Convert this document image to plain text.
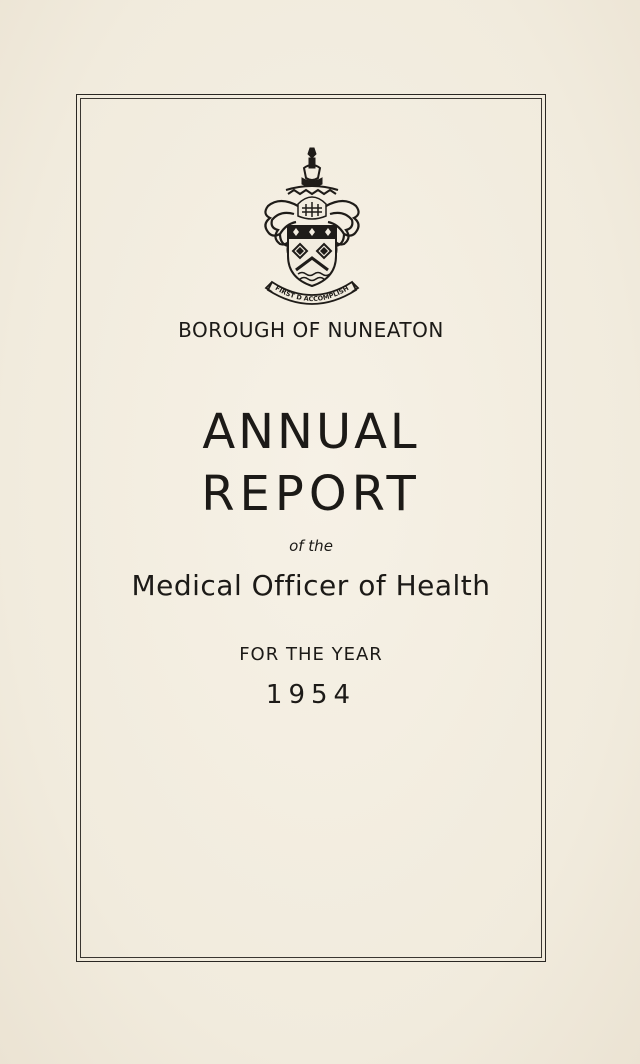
FIRST D ACCOMPLISH
BOROUGH OF NUNEATON
ANNUAL
REPORT
of the
Medical Officer of Health
FOR THE YEAR
1954
